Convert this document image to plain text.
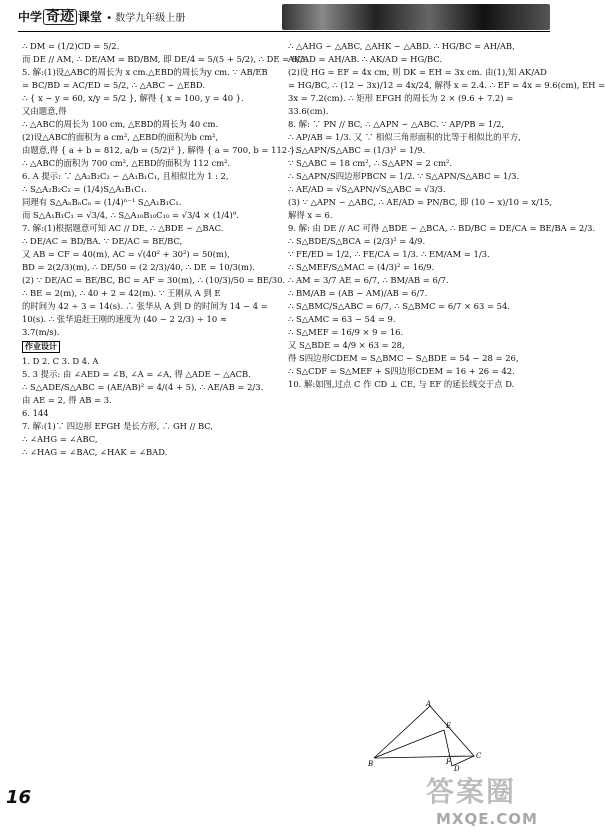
中学 奇迹 课堂 • 数学九年级上册

∴ DM = (1/2)CD = 5/2.

而 DE // AM, ∴ DE/AM = BD/BM, 即 DE/4 = 5/(5 + 5/2), ∴ DE = 8/3.

5. 解:(1)设△ABC的周长为 x cm.△EBD的周长为y cm. ∵ AB/EB

= BC/BD = AC/ED = 5/2, ∴ △ABC ∽ △EBD.

∴ { x − y = 60, x/y = 5/2 }, 解得 { x = 100, y = 40 }.

又由题意,得

∴ △ABC的周长为 100 cm, △EBD的周长为 40 cm.

(2)设△ABC的面积为 a cm², △EBD的面积为b cm²,

由题意,得 { a + b = 812, a/b = (5/2)² }, 解得 { a = 700, b = 112 }.

∴ △ABC的面积为 700 cm², △EBD的面积为 112 cm².

6. A 提示: ∵ △A₂B₂C₂ ∽ △A₁B₁C₁, 且相似比为 1 : 2,

∴ S△A₂B₂C₂ = (1/4)S△A₁B₁C₁.

同理有 S△AₙBₙCₙ = (1/4)ⁿ⁻¹ S△A₁B₁C₁.

而 S△A₁B₁C₁ = √3/4, ∴ S△A₁₀B₁₀C₁₀ = √3/4 × (1/4)⁹.

7. 解:(1)根据题意可知 AC // DE, ∴ △BDE ∽ △BAC.

∴ DE/AC = BD/BA. ∵ DE/AC = BE/BC,

又 AB = CF = 40(m), AC = √(40² + 30²) = 50(m),

BD = 2(2/3)(m), ∴ DE/50 = (2 2/3)/40, ∴ DE = 10/3(m).

(2) ∵ DE/AC = BE/BC, BC = AF = 30(m), ∴ (10/3)/50 = BE/30.

∴ BE = 2(m), ∴ 40 + 2 = 42(m). ∵ 王刚从 A 到 E

的时间为 42 ÷ 3 = 14(s). ∴ 张华从 A 到 D 的时间为 14 − 4 =

10(s). ∴ 张华追赶王刚的速度为 (40 − 2 2/3) ÷ 10 ≈

3.7(m/s).

作业设计

1. D 2. C 3. D 4. A

5. 3 提示: 由 ∠AED = ∠B, ∠A = ∠A, 得 △ADE ∽ △ACB.

∴ S△ADE/S△ABC = (AE/AB)² = 4/(4 + 5), ∴ AE/AB = 2/3.

由 AE = 2, 得 AB = 3.

6. 144

7. 解:(1)∵ 四边形 EFGH 是长方形, ∴ GH // BC,

∴ ∠AHG = ∠ABC,

∴ ∠HAG = ∠BAC, ∠HAK = ∠BAD.

∴ △AHG ∽ △ABC, △AHK ∽ △ABD. ∴ HG/BC = AH/AB,

AK/AD = AH/AB. ∴ AK/AD = HG/BC.

(2)设 HG = EF = 4x cm, 则 DK = EH = 3x cm. 由(1),知 AK/AD

= HG/BC, ∴ (12 − 3x)/12 = 4x/24, 解得 x = 2.4. ∴ EF = 4x = 9.6(cm), EH =

3x = 7.2(cm). ∴ 矩形 EFGH 的周长为 2 × (9.6 + 7.2) =

33.6(cm).

8. 解: ∵ PN // BC, ∴ △APN ∽ △ABC. ∵ AP/PB = 1/2,

∴ AP/AB = 1/3. 又 ∵ 相似三角形面积的比等于相似比的平方,

∴ S△APN/S△ABC = (1/3)² = 1/9.

∵ S△ABC = 18 cm², ∴ S△APN = 2 cm².

∴ S△APN/S四边形PBCN = 1/2. ∵ S△APN/S△ABC = 1/3.

∴ AE/AD = √S△APN/√S△ABC = √3/3.

(3) ∵ △APN ∽ △ABC, ∴ AE/AD = PN/BC, 即 (10 − x)/10 = x/15,

解得 x = 6.

9. 解: 由 DE // AC 可得 △BDE ∽ △BCA, ∴ BD/BC = DE/CA = BE/BA = 2/3.

∴ S△BDE/S△BCA = (2/3)² = 4/9.

∵ FE/ED = 1/2, ∴ FE/CA = 1/3. ∴ EM/AM = 1/3.

∴ S△MEF/S△MAC = (4/3)² = 16/9.

∴ AM = 3/7 AE = 6/7, ∴ BM/AB = 6/7.

∴ BM/AB = (AB − AM)/AB = 6/7.

∴ S△BMC/S△ABC = 6/7, ∴ S△BMC = 6/7 × 63 = 54.

∴ S△AMC = 63 − 54 = 9.

∴ S△MEF = 16/9 × 9 = 16.

又 S△BDE = 4/9 × 63 = 28,

得 S四边形CDEM = S△BMC − S△BDE = 54 − 28 = 26,

∴ S△CDF = S△MEF + S四边形CDEM = 16 + 26 = 42.

10. 解:如图,过点 C 作 CD ⊥ CE, 与 EF 的延长线交于点 D.

A
E
B	F
C
D
16	答案圈
MXQE.COM
